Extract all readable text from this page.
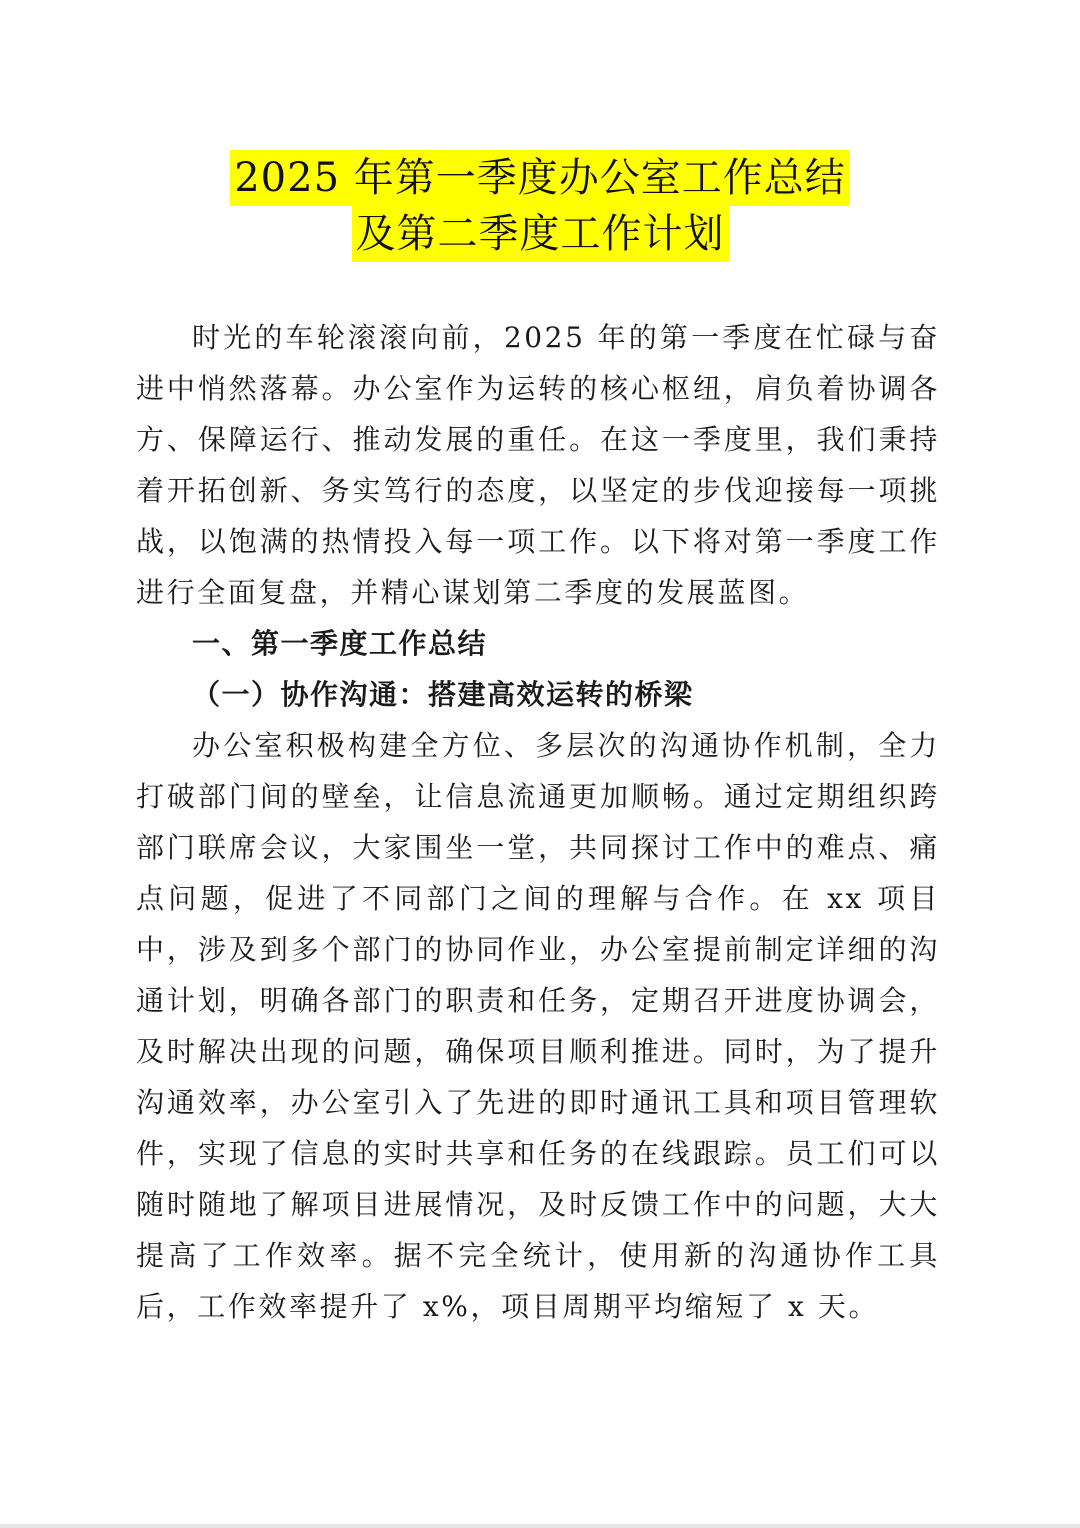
2025 年第一季度办公室工作总结
及第二季度工作计划

时光的车轮滚滚向前，2025 年的第一季度在忙碌与奋进中悄然落幕。办公室作为运转的核心枢纽，肩负着协调各方、保障运行、推动发展的重任。在这一季度里，我们秉持着开拓创新、务实笃行的态度，以坚定的步伐迎接每一项挑战，以饱满的热情投入每一项工作。以下将对第一季度工作进行全面复盘，并精心谋划第二季度的发展蓝图。

一、第一季度工作总结

（一）协作沟通：搭建高效运转的桥梁

办公室积极构建全方位、多层次的沟通协作机制，全力打破部门间的壁垒，让信息流通更加顺畅。通过定期组织跨部门联席会议，大家围坐一堂，共同探讨工作中的难点、痛点问题，促进了不同部门之间的理解与合作。在 xx 项目中，涉及到多个部门的协同作业，办公室提前制定详细的沟通计划，明确各部门的职责和任务，定期召开进度协调会，及时解决出现的问题，确保项目顺利推进。同时，为了提升沟通效率，办公室引入了先进的即时通讯工具和项目管理软件，实现了信息的实时共享和任务的在线跟踪。员工们可以随时随地了解项目进展情况，及时反馈工作中的问题，大大提高了工作效率。据不完全统计，使用新的沟通协作工具后，工作效率提升了 x%，项目周期平均缩短了 x 天。
